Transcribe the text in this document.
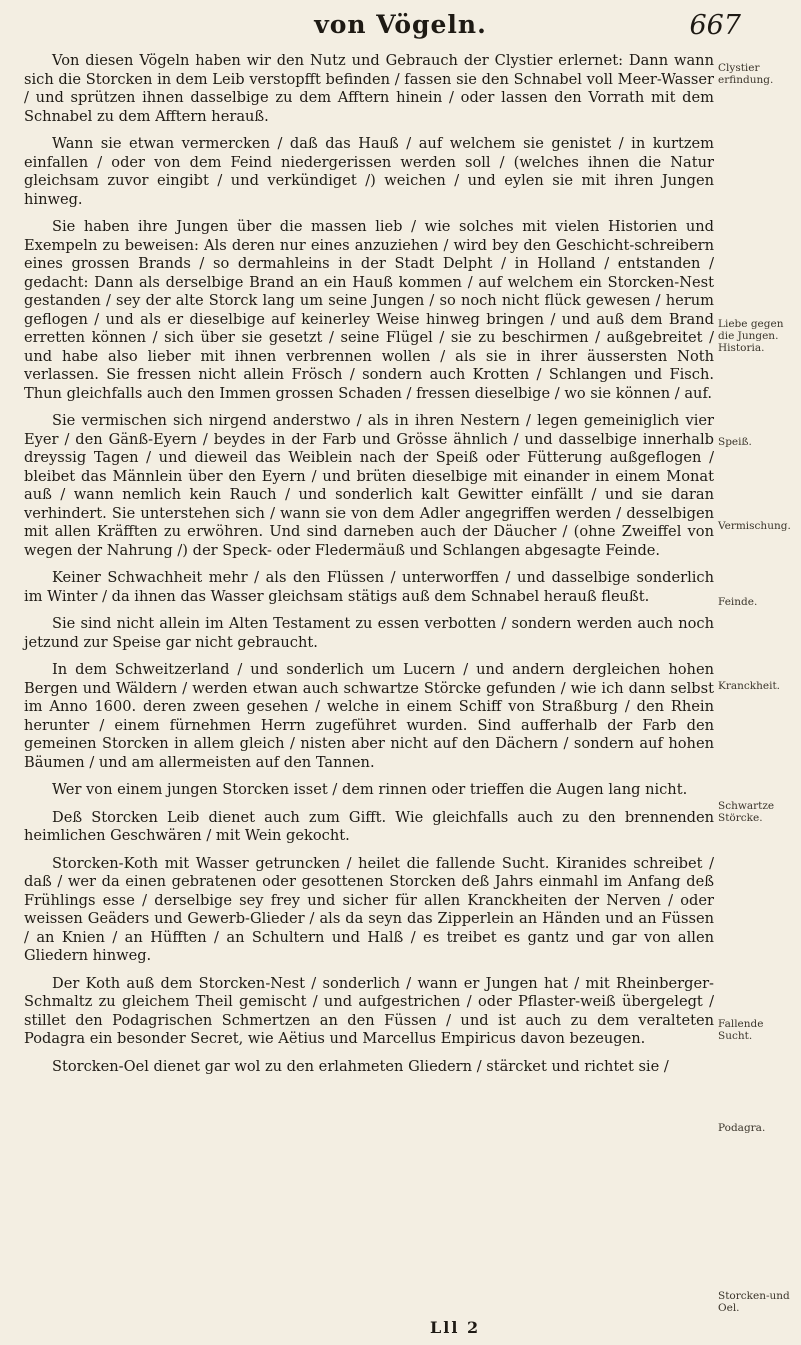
von Vögeln.	667

Von diesen Vögeln haben wir den Nutz und Gebrauch der Clystier erlernet: Dann wann sich die Storcken in dem Leib verstopfft befinden / fassen sie den Schnabel voll Meer-Wasser / und sprützen ihnen dasselbige zu dem Afftern hinein / oder lassen den Vorrath mit dem Schnabel zu dem Afftern herauß.

Wann sie etwan vermercken / daß das Hauß / auf welchem sie genistet / in kurtzem einfallen / oder von dem Feind niedergerissen werden soll / (welches ihnen die Natur gleichsam zuvor eingibt / und verkündiget /) weichen / und eylen sie mit ihren Jungen hinweg.

Sie haben ihre Jungen über die massen lieb / wie solches mit vielen Historien und Exempeln zu beweisen: Als deren nur eines anzuziehen / wird bey den Geschicht-schreibern eines grossen Brands / so dermahleins in der Stadt Delpht / in Holland / entstanden / gedacht: Dann als derselbige Brand an ein Hauß kommen / auf welchem ein Storcken-Nest gestanden / sey der alte Storck lang um seine Jungen / so noch nicht flück gewesen / herum geflogen / und als er dieselbige auf keinerley Weise hinweg bringen / und auß dem Brand erretten können / sich über sie gesetzt / seine Flügel / sie zu beschirmen / außgebreitet / und habe also lieber mit ihnen verbrennen wollen / als sie in ihrer äussersten Noth verlassen. Sie fressen nicht allein Frösch / sondern auch Krotten / Schlangen und Fisch. Thun gleichfalls auch den Immen grossen Schaden / fressen dieselbige / wo sie können / auf.

Sie vermischen sich nirgend anderstwo / als in ihren Nestern / legen gemeiniglich vier Eyer / den Gänß-Eyern / beydes in der Farb und Grösse ähnlich / und dasselbige innerhalb dreyssig Tagen / und dieweil das Weiblein nach der Speiß oder Fütterung außgeflogen / bleibet das Männlein über den Eyern / und brüten dieselbige mit einander in einem Monat auß / wann nemlich kein Rauch / und sonderlich kalt Gewitter einfällt / und sie daran verhindert. Sie unterstehen sich / wann sie von dem Adler angegriffen werden / desselbigen mit allen Kräfften zu erwöhren. Und sind darneben auch der Däucher / (ohne Zweiffel von wegen der Nahrung /) der Speck- oder Fledermäuß und Schlangen abgesagte Feinde.

Keiner Schwachheit mehr / als den Flüssen / unterworffen / und dasselbige sonderlich im Winter / da ihnen das Wasser gleichsam stätigs auß dem Schnabel herauß fleußt.

Sie sind nicht allein im Alten Testament zu essen verbotten / sondern werden auch noch jetzund zur Speise gar nicht gebraucht.

In dem Schweitzerland / und sonderlich um Lucern / und andern dergleichen hohen Bergen und Wäldern / werden etwan auch schwartze Störcke gefunden / wie ich dann selbst im Anno 1600. deren zween gesehen / welche in einem Schiff von Straßburg / den Rhein herunter / einem fürnehmen Herrn zugeführet wurden. Sind aufferhalb der Farb den gemeinen Storcken in allem gleich / nisten aber nicht auf den Dächern / sondern auf hohen Bäumen / und am allermeisten auf den Tannen.

Wer von einem jungen Storcken isset / dem rinnen oder trieffen die Augen lang nicht.

Deß Storcken Leib dienet auch zum Gifft. Wie gleichfalls auch zu den brennenden heimlichen Geschwären / mit Wein gekocht.

Storcken-Koth mit Wasser getruncken / heilet die fallende Sucht. Kiranides schreibet / daß / wer da einen gebratenen oder gesottenen Storcken deß Jahrs einmahl im Anfang deß Frühlings esse / derselbige sey frey und sicher für allen Kranckheiten der Nerven / oder weissen Geäders und Gewerb-Glieder / als da seyn das Zipperlein an Händen und an Füssen / an Knien / an Hüfften / an Schultern und Halß / es treibet es gantz und gar von allen Gliedern hinweg.

Der Koth auß dem Storcken-Nest / sonderlich / wann er Jungen hat / mit Rheinberger-Schmaltz zu gleichem Theil gemischt / und aufgestrichen / oder Pflaster-weiß übergelegt / stillet den Podagrischen Schmertzen an den Füssen / und ist auch zu dem veralteten Podagra ein besonder Secret, wie Aëtius und Marcellus Empiricus davon bezeugen.

Storcken-Oel dienet gar wol zu den erlahmeten Gliedern / stärcket und richtet sie /

Clystier erfindung.
Liebe gegen die Jungen. Historia.
Speiß.
Vermischung.
Feinde.
Kranckheit.
Schwartze Störcke.
Fallende Sucht.
Podagra.
Storcken-und Oel.
Lll 2
